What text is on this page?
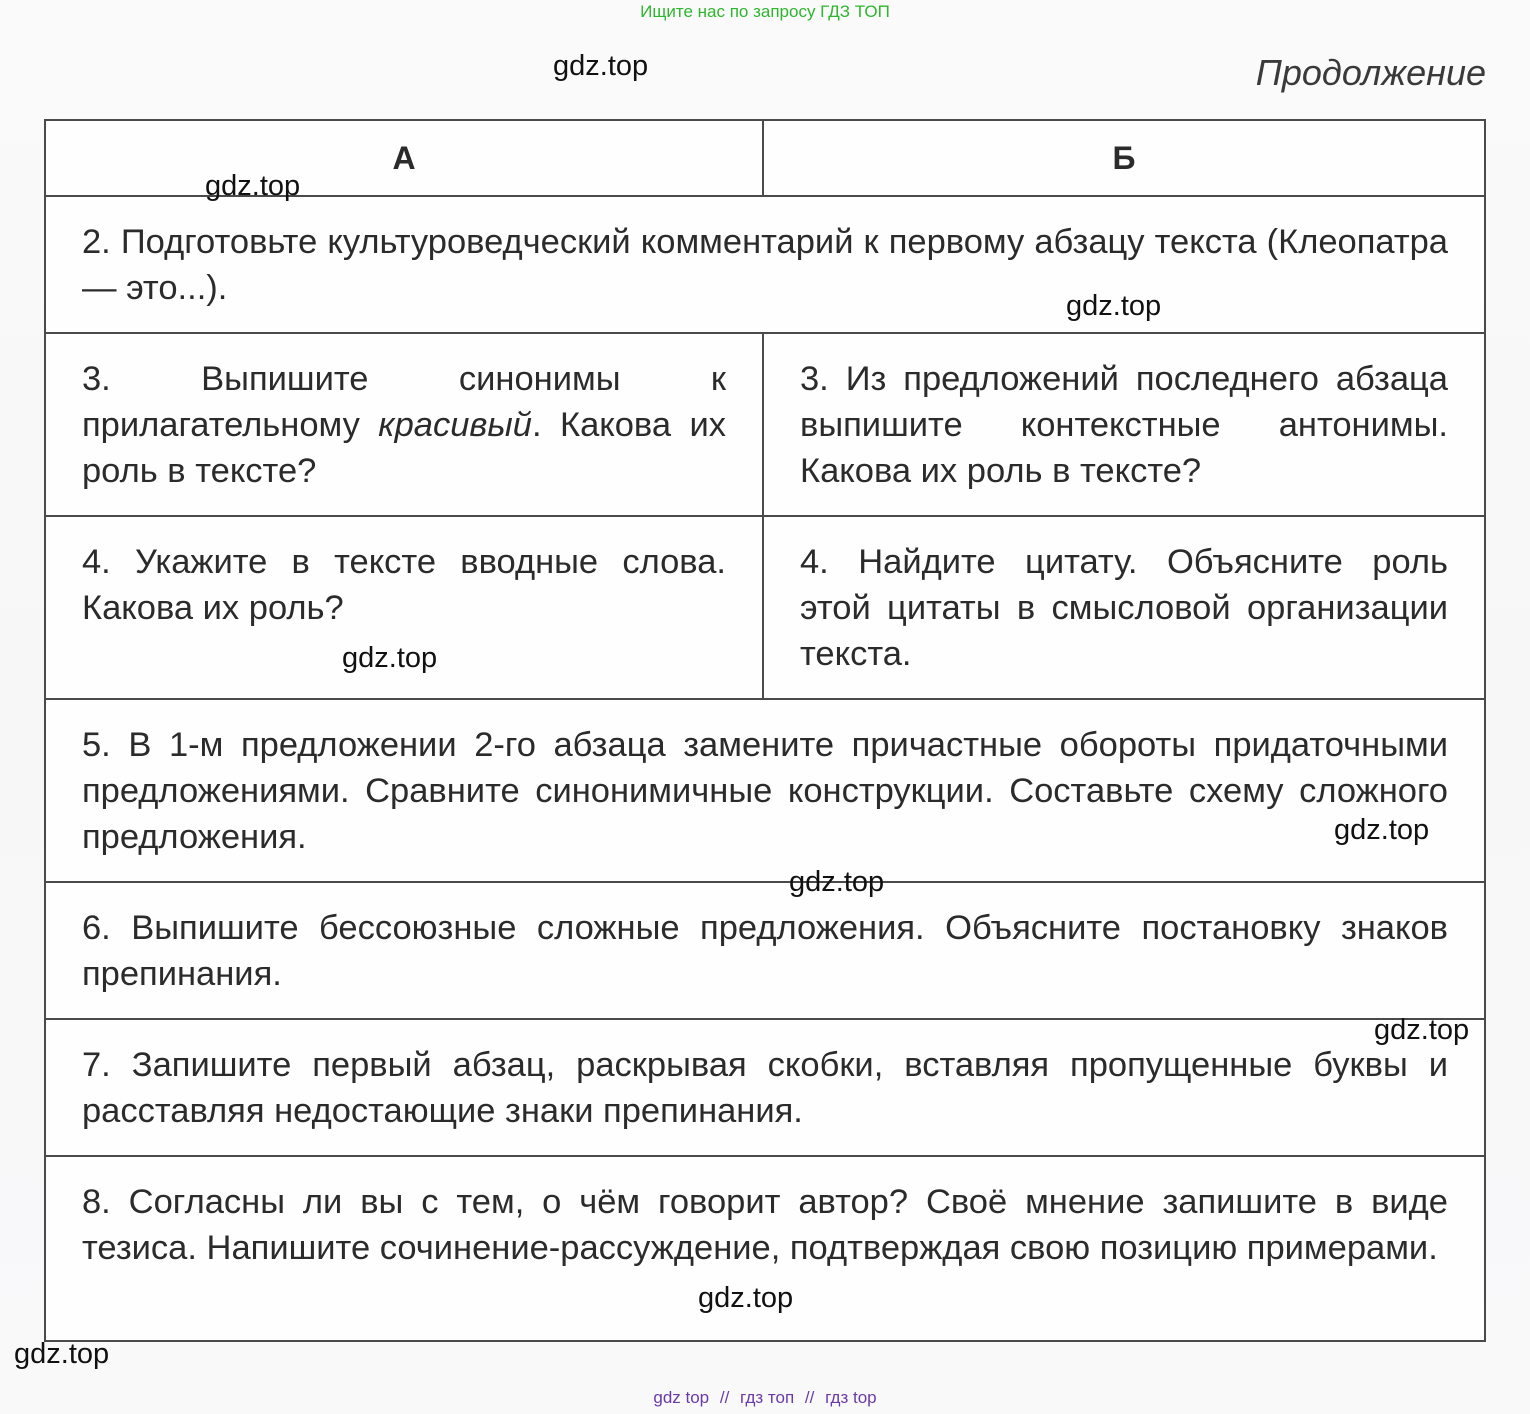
Ищите нас по запросу ГДЗ ТОП
Продолжение
А	Б

2. Подготовьте культуроведческий комментарий к первому абзацу текста (Клеопатра — это...).	

3. Выпишите синонимы к прилагательному красивый. Какова их роль в тексте?	3. Из предложений последнего абзаца выпишите контекстные антонимы. Какова их роль в тексте?

4. Укажите в тексте вводные слова. Какова их роль?	4. Найдите цитату. Объясните роль этой цитаты в смысловой организации текста.

5. В 1-м предложении 2-го абзаца замените причастные обороты придаточными предложениями. Сравните синонимичные конструкции. Составьте схему сложного предложения.	

6. Выпишите бессоюзные сложные предложения. Объясните постановку знаков препинания.	

7. Запишите первый абзац, раскрывая скобки, вставляя пропущенные буквы и расставляя недостающие знаки препинания.	

8. Согласны ли вы с тем, о чём говорит автор? Своё мнение запишите в виде тезиса. Напишите сочинение-рассуждение, подтверждая свою позицию примерами.	
gdz.top
gdz.top
gdz.top
gdz.top
gdz.top
gdz.top
gdz.top
gdz.top
gdz.top
gdz top // гдз топ // гдз top
